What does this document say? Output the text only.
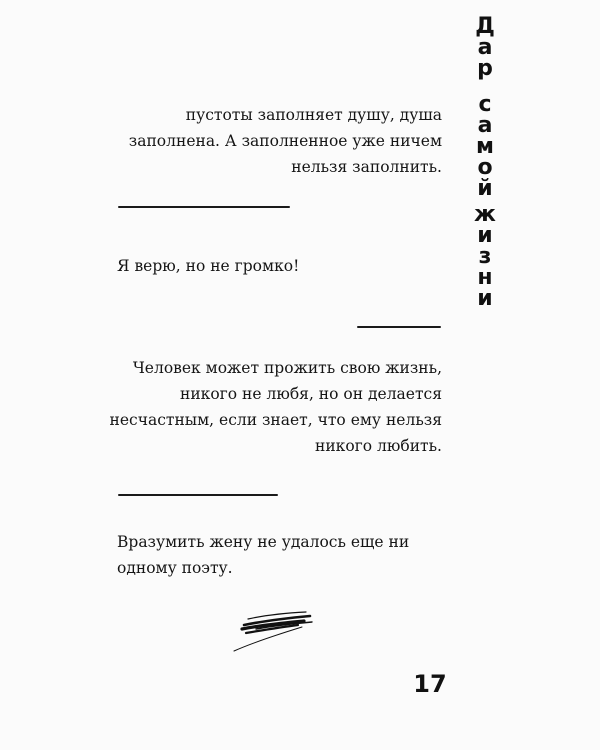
Д
а
р
с
а
м
о
й
ж
и
з
н
и
пустоты заполняет душу, душа
заполнена. А заполненное уже ничем
нельзя заполнить.
Я верю, но не громко!
Человек может прожить свою жизнь,
никого не любя, но он делается
несчастным, если знает, что ему нельзя
никого любить.
Вразумить жену не удалось еще ни
одному поэту.
17
